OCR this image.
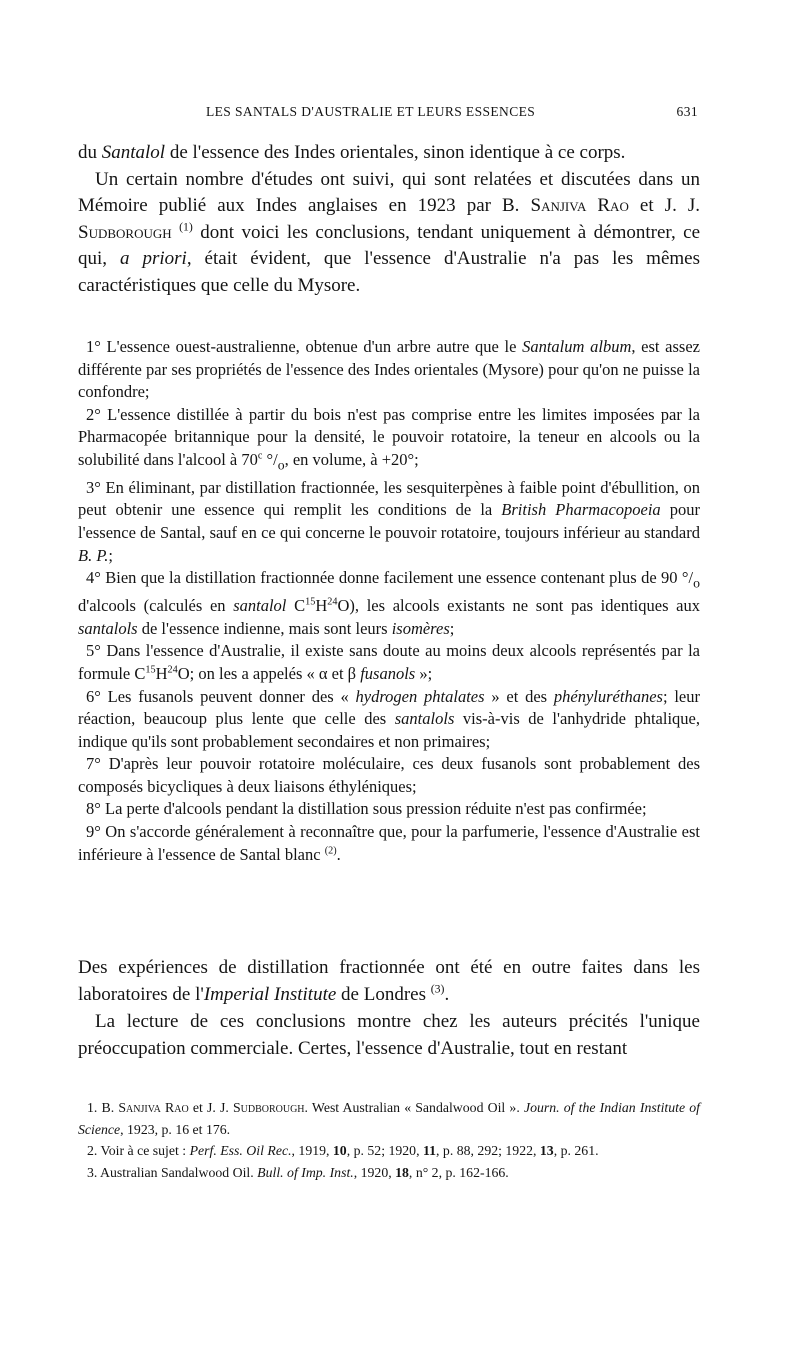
LES SANTALS D'AUSTRALIE ET LEURS ESSENCES	631

du Santalol de l'essence des Indes orientales, sinon identique à ce corps.

Un certain nombre d'études ont suivi, qui sont relatées et discutées dans un Mémoire publié aux Indes anglaises en 1923 par B. Sanjiva Rao et J. J. Sudborough $^{(1)}$ dont voici les conclusions, tendant uniquement à démontrer, ce qui, a priori, était évident, que l'essence d'Australie n'a pas les mêmes caractéristiques que celle du Mysore.

1° L'essence ouest-australienne, obtenue d'un arbre autre que le Santalum album, est assez différente par ses propriétés de l'essence des Indes orientales (Mysore) pour qu'on ne puisse la confondre;

2° L'essence distillée à partir du bois n'est pas comprise entre les limites imposées par la Pharmacopée britannique pour la densité, le pouvoir rotatoire, la teneur en alcools ou la solubilité dans l'alcool à 70$^c$ $^\circ/_o$, en volume, à +20°;

3° En éliminant, par distillation fractionnée, les sesquiterpènes à faible point d'ébullition, on peut obtenir une essence qui remplit les conditions de la British Pharmacopoeia pour l'essence de Santal, sauf en ce qui concerne le pouvoir rotatoire, toujours inférieur au standard B. P.;

4° Bien que la distillation fractionnée donne facilement une essence contenant plus de 90 $^\circ/_o$ d'alcools (calculés en santalol $C^{15}H^{24}O$), les alcools existants ne sont pas identiques aux santalols de l'essence indienne, mais sont leurs isomères;

5° Dans l'essence d'Australie, il existe sans doute au moins deux alcools représentés par la formule $C^{15}H^{24}O$; on les a appelés « α et β fusanols »;

6° Les fusanols peuvent donner des « hydrogen phtalates » et des phényluréthanes; leur réaction, beaucoup plus lente que celle des santalols vis-à-vis de l'anhydride phtalique, indique qu'ils sont probablement secondaires et non primaires;

7° D'après leur pouvoir rotatoire moléculaire, ces deux fusanols sont probablement des composés bicycliques à deux liaisons éthyléniques;

8° La perte d'alcools pendant la distillation sous pression réduite n'est pas confirmée;

9° On s'accorde généralement à reconnaître que, pour la parfumerie, l'essence d'Australie est inférieure à l'essence de Santal blanc $^{(2)}$.

Des expériences de distillation fractionnée ont été en outre faites dans les laboratoires de l'Imperial Institute de Londres $^{(3)}$.

La lecture de ces conclusions montre chez les auteurs précités l'unique préoccupation commerciale. Certes, l'essence d'Australie, tout en restant

1. B. Sanjiva Rao et J. J. Sudborough. West Australian « Sandalwood Oil ». Journ. of the Indian Institute of Science, 1923, p. 16 et 176.

2. Voir à ce sujet : Perf. Ess. Oil Rec., 1919, 10, p. 52; 1920, 11, p. 88, 292; 1922, 13, p. 261.

3. Australian Sandalwood Oil. Bull. of Imp. Inst., 1920, 18, n° 2, p. 162-166.
